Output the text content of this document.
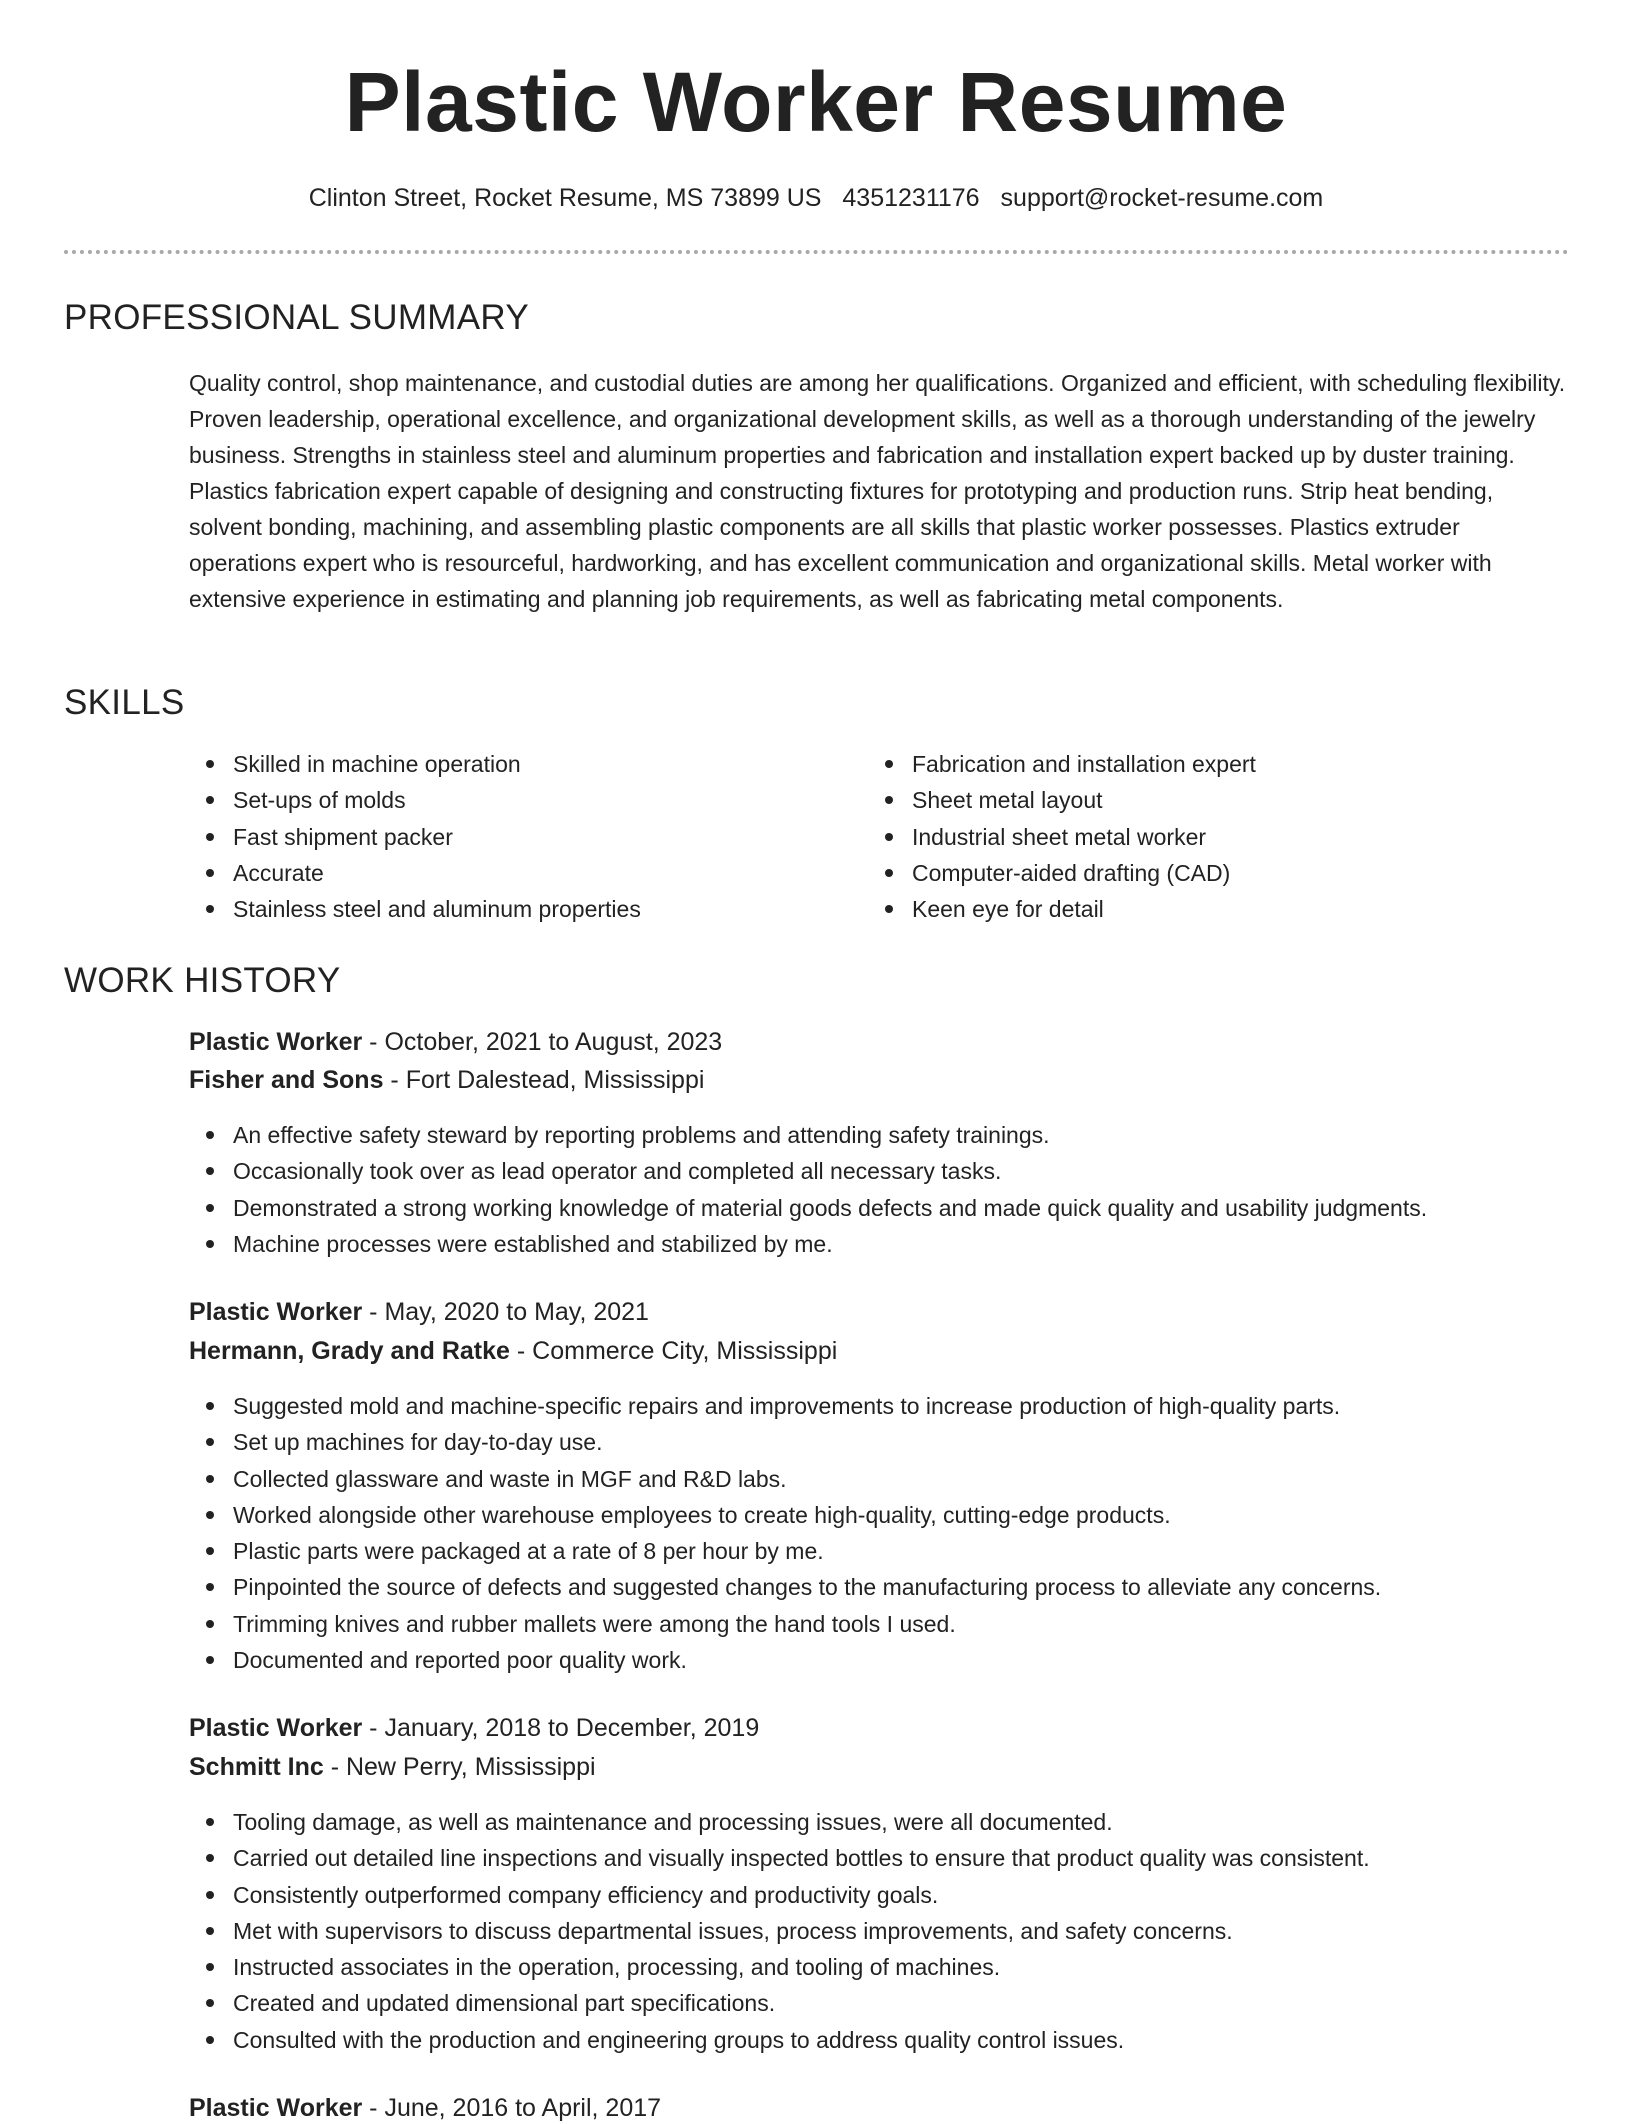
Plastic Worker Resume
Clinton Street, Rocket Resume, MS 73899 US 4351231176 support@rocket-resume.com
PROFESSIONAL SUMMARY

Quality control, shop maintenance, and custodial duties are among her qualifications. Organized and efficient, with scheduling flexibility. Proven leadership, operational excellence, and organizational development skills, as well as a thorough understanding of the jewelry business. Strengths in stainless steel and aluminum properties and fabrication and installation expert backed up by duster training. Plastics fabrication expert capable of designing and constructing fixtures for prototyping and production runs. Strip heat bending, solvent bonding, machining, and assembling plastic components are all skills that plastic worker possesses. Plastics extruder operations expert who is resourceful, hardworking, and has excellent communication and organizational skills. Metal worker with extensive experience in estimating and planning job requirements, as well as fabricating metal components.

SKILLS
Skilled in machine operation
Set-ups of molds
Fast shipment packer
Accurate
Stainless steel and aluminum properties
Fabrication and installation expert
Sheet metal layout
Industrial sheet metal worker
Computer-aided drafting (CAD)
Keen eye for detail
WORK HISTORY
Plastic Worker - October, 2021 to August, 2023
Fisher and Sons - Fort Dalestead, Mississippi
An effective safety steward by reporting problems and attending safety trainings.
Occasionally took over as lead operator and completed all necessary tasks.
Demonstrated a strong working knowledge of material goods defects and made quick quality and usability judgments.
Machine processes were established and stabilized by me.
Plastic Worker - May, 2020 to May, 2021
Hermann, Grady and Ratke - Commerce City, Mississippi
Suggested mold and machine-specific repairs and improvements to increase production of high-quality parts.
Set up machines for day-to-day use.
Collected glassware and waste in MGF and R&D labs.
Worked alongside other warehouse employees to create high-quality, cutting-edge products.
Plastic parts were packaged at a rate of 8 per hour by me.
Pinpointed the source of defects and suggested changes to the manufacturing process to alleviate any concerns.
Trimming knives and rubber mallets were among the hand tools I used.
Documented and reported poor quality work.
Plastic Worker - January, 2018 to December, 2019
Schmitt Inc - New Perry, Mississippi
Tooling damage, as well as maintenance and processing issues, were all documented.
Carried out detailed line inspections and visually inspected bottles to ensure that product quality was consistent.
Consistently outperformed company efficiency and productivity goals.
Met with supervisors to discuss departmental issues, process improvements, and safety concerns.
Instructed associates in the operation, processing, and tooling of machines.
Created and updated dimensional part specifications.
Consulted with the production and engineering groups to address quality control issues.
Plastic Worker - June, 2016 to April, 2017
